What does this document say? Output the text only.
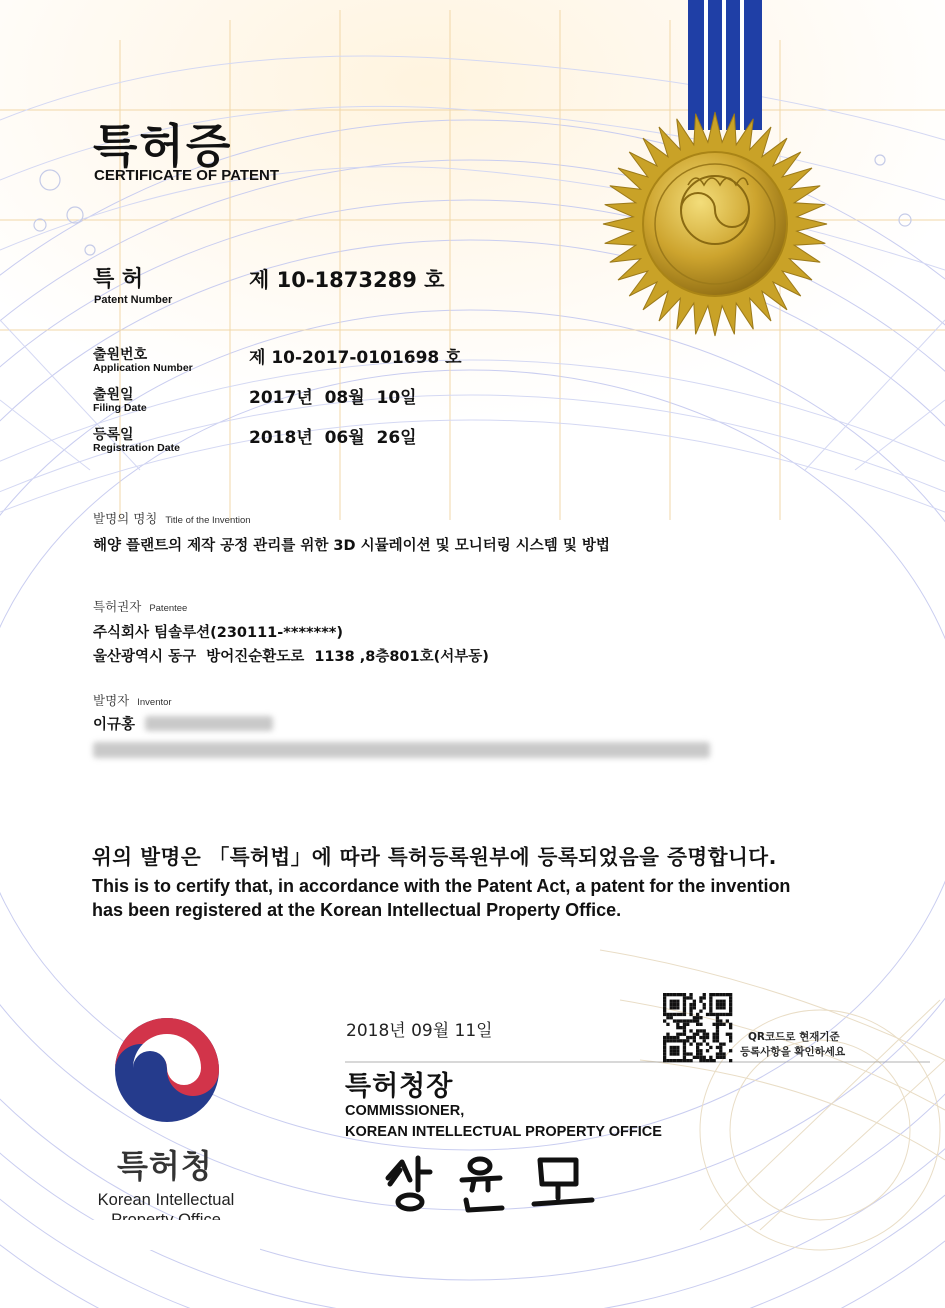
특허증
CERTIFICATE OF PATENT
특 허
Patent Number
제 10-1873289 호
출원번호
Application Number	제 10-2017-0101698 호
출원일
Filing Date	2017년  08월  10일
등록일
Registration Date	2018년  06월  26일
발명의 명칭 Title of the Invention
해양 플랜트의 제작 공정 관리를 위한 3D 시뮬레이션 및 모니터링 시스템 및 방법
특허권자 Patentee
주식회사 팀솔루션(230111-*******)
울산광역시 동구  방어진순환도로  1138 ,8층801호(서부동)
발명자 Inventor
이규홍
위의 발명은 「특허법」에 따라 특허등록원부에 등록되었음을 증명합니다.
This is to certify that, in accordance with the Patent Act, a patent for the invention
has been registered at the Korean Intellectual Property Office.
2018년 09월 11일	QR코드로 현재기준
등록사항을 확인하세요
특허청장
COMMISSIONER,
KOREAN INTELLECTUAL PROPERTY OFFICE
특허청
Korean Intellectual
